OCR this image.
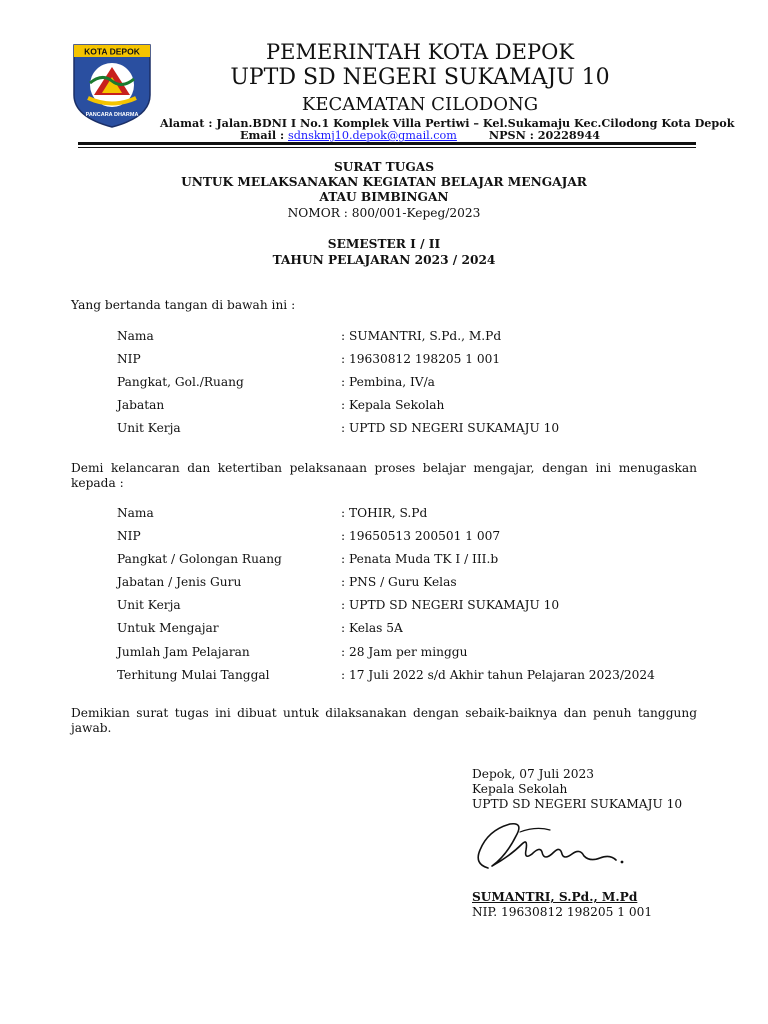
KOTA DEPOK
PANCARA DHARMA
PEMERINTAH KOTA DEPOK
UPTD SD NEGERI SUKAMAJU 10
KECAMATAN CILODONG
Alamat : Jalan.BDNI I No.1 Komplek Villa Pertiwi – Kel.Sukamaju Kec.Cilodong Kota Depok
Email : sdnskmj10.depok@gmail.com	NPSN : 20228944
SURAT TUGAS
UNTUK MELAKSANAKAN KEGIATAN BELAJAR MENGAJAR
ATAU BIMBINGAN
NOMOR : 800/001-Kepeg/2023
SEMESTER I / II
TAHUN PELAJARAN 2023 / 2024
Yang bertanda tangan di bawah ini :
Nama	: SUMANTRI, S.Pd., M.Pd
NIP	: 19630812 198205 1 001
Pangkat, Gol./Ruang	: Pembina, IV/a
Jabatan	: Kepala Sekolah
Unit Kerja	: UPTD SD NEGERI SUKAMAJU 10
Demi kelancaran dan ketertiban pelaksanaan proses belajar mengajar, dengan ini menugaskan kepada :
Nama	: TOHIR, S.Pd
NIP	: 19650513 200501 1 007
Pangkat / Golongan Ruang	: Penata Muda TK I / III.b
Jabatan / Jenis Guru	: PNS / Guru Kelas
Unit Kerja	: UPTD SD NEGERI SUKAMAJU 10
Untuk Mengajar	: Kelas 5A
Jumlah Jam Pelajaran	: 28 Jam per minggu
Terhitung Mulai Tanggal	: 17 Juli 2022 s/d Akhir tahun Pelajaran 2023/2024
Demikian surat tugas ini dibuat untuk dilaksanakan dengan sebaik-baiknya dan penuh tanggung jawab.
Depok, 07 Juli 2023
Kepala Sekolah
UPTD SD NEGERI SUKAMAJU 10
SUMANTRI, S.Pd., M.Pd
NIP. 19630812 198205 1 001
